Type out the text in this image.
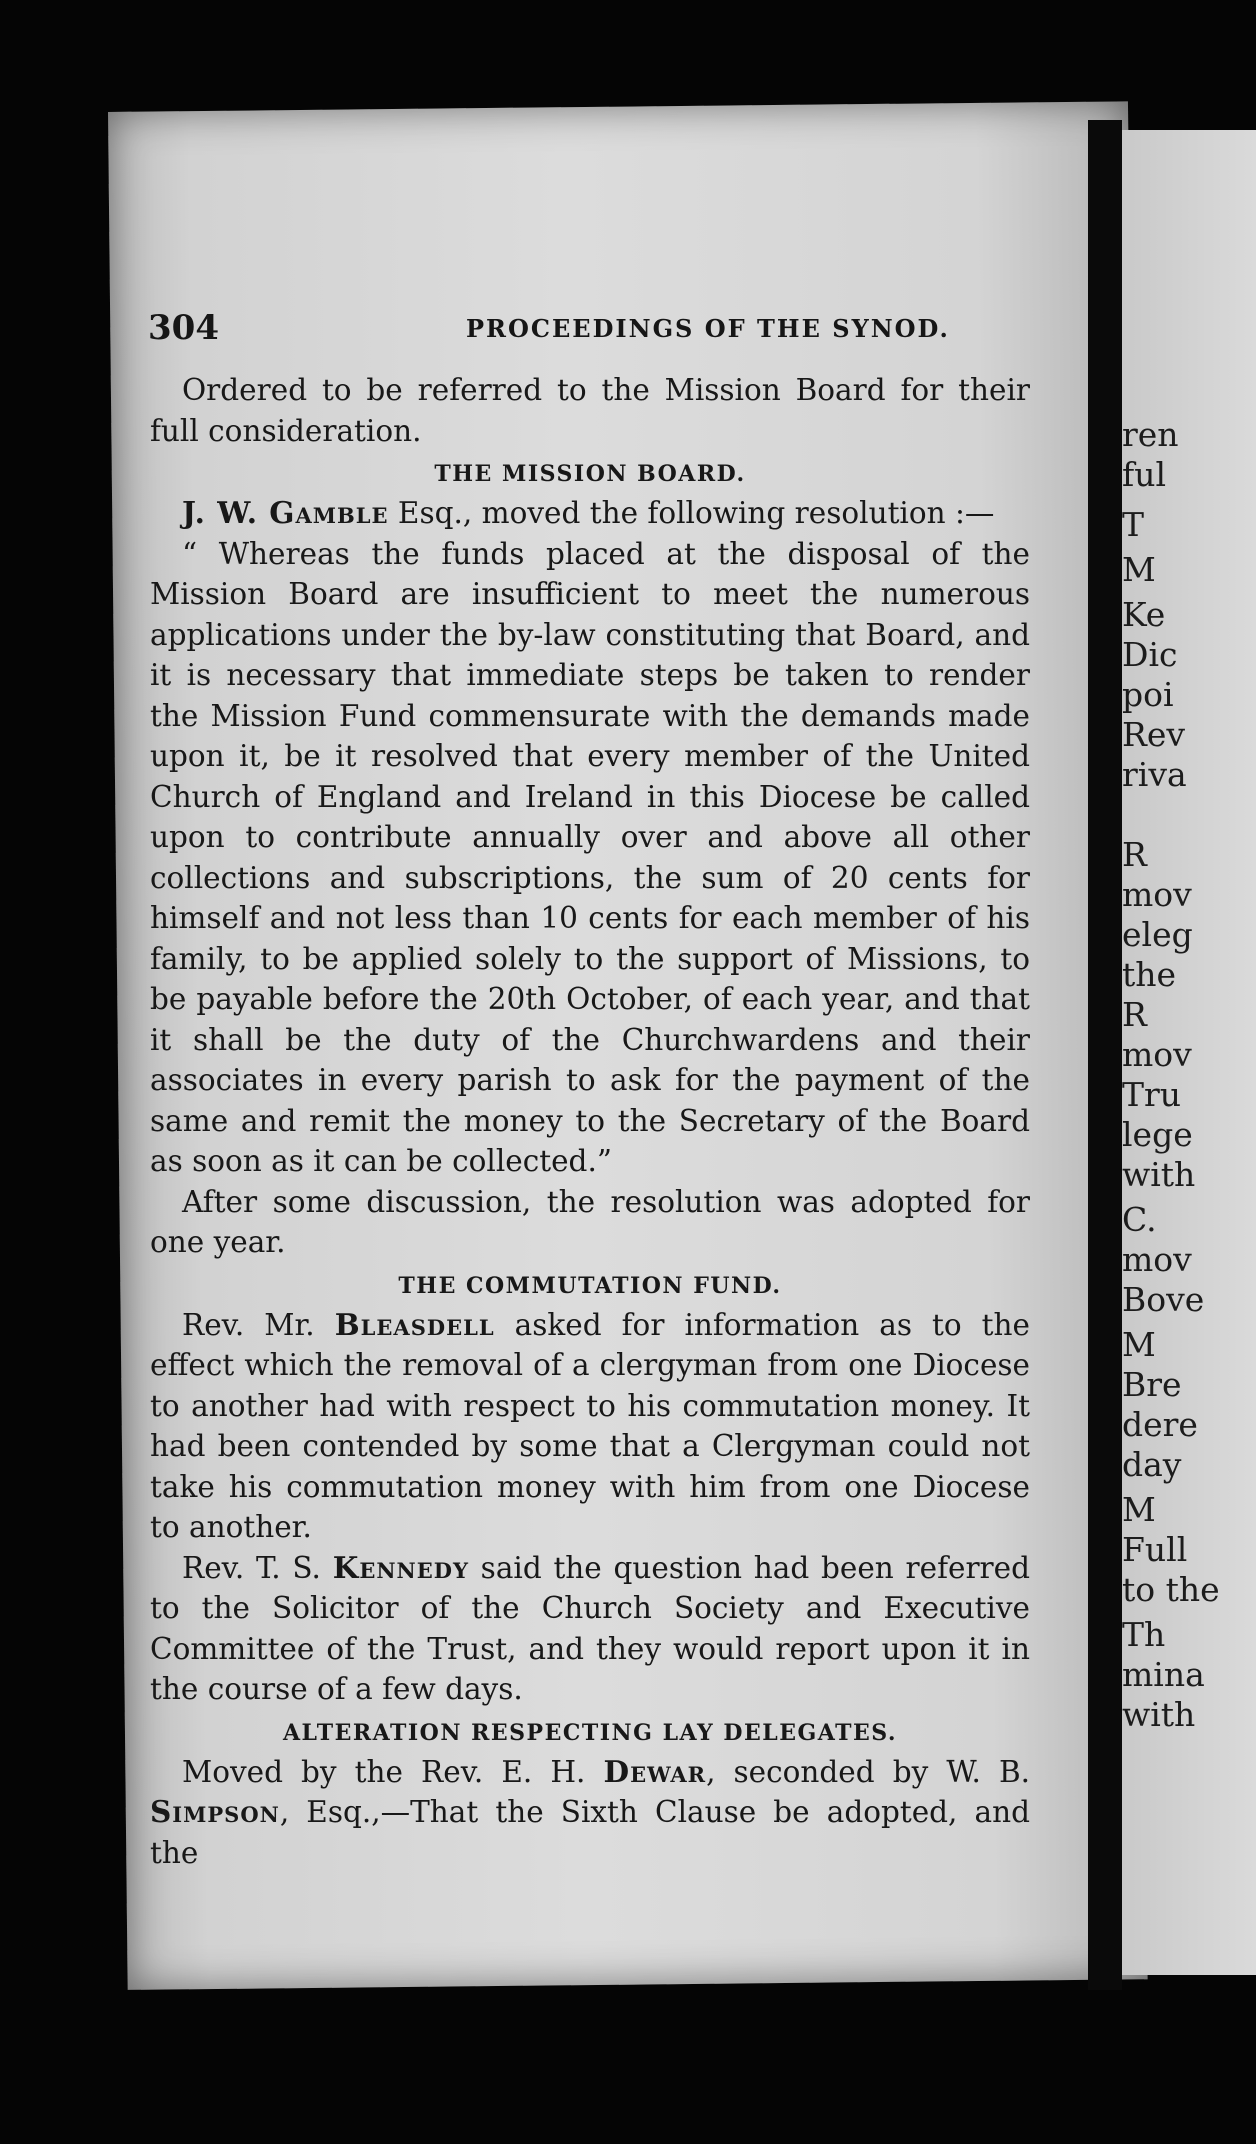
ren
ful
T
M
Ke
Dic
poi
Rev
riva
R
mov
eleg
the
R
mov
Tru
lege
with
C.
mov
Bove
M
Bre
dere
day
M
Full
to the
Th
mina
with
304	PROCEEDINGS OF THE SYNOD.

Ordered to be referred to the Mission Board for their full consideration.

THE MISSION BOARD.

J. W. Gamble Esq., moved the following resolution :—

“ Whereas the funds placed at the disposal of the Mission Board are insufficient to meet the numerous applications under the by-law constituting that Board, and it is necessary that immediate steps be taken to render the Mission Fund commensurate with the demands made upon it, be it resolved that every member of the United Church of England and Ireland in this Diocese be called upon to contribute annually over and above all other collections and subscriptions, the sum of 20 cents for himself and not less than 10 cents for each member of his family, to be applied solely to the support of Missions, to be payable before the 20th October, of each year, and that it shall be the duty of the Churchwardens and their associates in every parish to ask for the payment of the same and remit the money to the Secretary of the Board as soon as it can be collected.”

After some discussion, the resolution was adopted for one year.

THE COMMUTATION FUND.

Rev. Mr. Bleasdell asked for information as to the effect which the removal of a clergyman from one Diocese to another had with respect to his commutation money. It had been contended by some that a Clergyman could not take his commutation money with him from one Diocese to another.

Rev. T. S. Kennedy said the question had been referred to the Solicitor of the Church Society and Executive Committee of the Trust, and they would report upon it in the course of a few days.

ALTERATION RESPECTING LAY DELEGATES.

Moved by the Rev. E. H. Dewar, seconded by W. B. Simpson, Esq.,—That the Sixth Clause be adopted, and the
